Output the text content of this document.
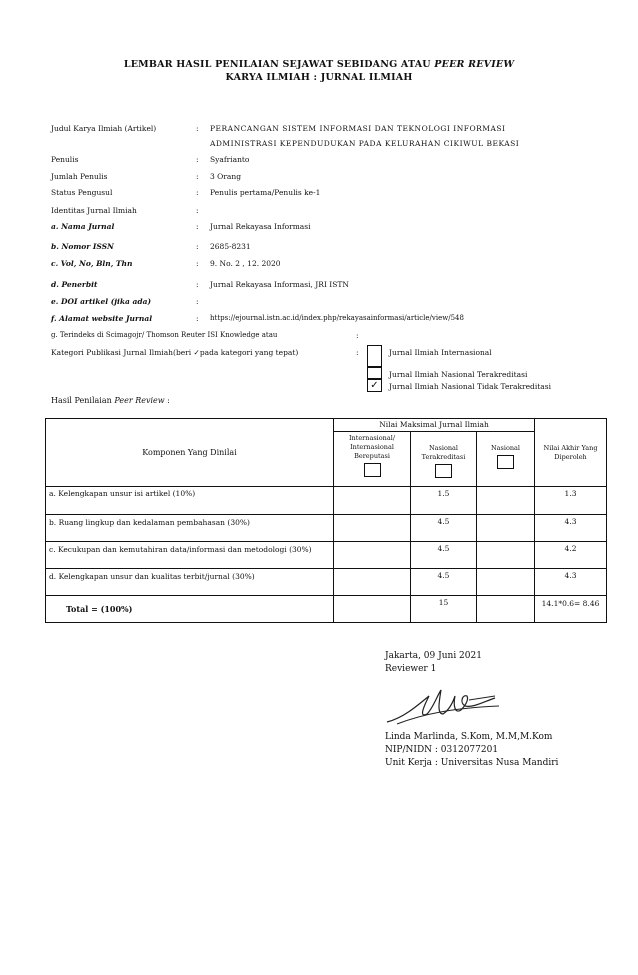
LEMBAR HASIL PENILAIAN SEJAWAT SEBIDANG ATAU PEER REVIEW
KARYA ILMIAH : JURNAL ILMIAH
Judul Karya Ilmiah (Artikel)	: PERANCANGAN SISTEM INFORMASI DAN TEKNOLOGI INFORMASI
ADMINISTRASI KEPENDUDUKAN PADA KELURAHAN CIKIWUL BEKASI
Penulis	: Syafrianto
Jumlah Penulis	: 3 Orang
Status Pengusul	: Penulis pertama/Penulis ke-1
Identitas Jurnal Ilmiah	:
a. Nama Jurnal	: Jurnal Rekayasa Informasi
b. Nomor ISSN	: 2685-8231
c. Vol, No, Bln, Thn	: 9. No. 2 , 12. 2020
d. Penerbit	: Jurnal Rekayasa Informasi, JRI ISTN
e. DOI artikel (jika ada)	:
f. Alamat website Jurnal	: https://ejournal.istn.ac.id/index.php/rekayasainformasi/article/view/548
g. Terindeks di Scimagojr/ Thomson Reuter ISI Knowledge atau	:
Kategori Publikasi Jurnal Ilmiah(beri ✓pada kategori yang tepat)	:	Jurnal Ilmiah Internasional
Jurnal Ilmiah Nasional Terakreditasi
✓	Jurnal Ilmiah Nasional Tidak Terakreditasi
Hasil Penilaian Peer Review :
Komponen Yang Dinilai	Nilai Maksimal Jurnal Ilmiah			Nilai Akhir Yang Diperoleh

	Internasional/ Internasional Bereputasi	Nasional Terakreditasi	Nasional	

a. Kelengkapan unsur isi artikel (10%)		1.5		1.3
b. Ruang lingkup dan kedalaman pembahasan (30%)		4.5		4.3
c. Kecukupan dan kemutahiran data/informasi dan metodologi (30%)		4.5		4.2
d. Kelengkapan unsur dan kualitas terbit/jurnal (30%)		4.5		4.3
Total = (100%)		15		14.1*0.6= 8.46
Jakarta, 09 Juni 2021
Reviewer 1
Linda Marlinda, S.Kom, M.M,M.Kom
NIP/NIDN : 0312077201
Unit Kerja : Universitas Nusa Mandiri
